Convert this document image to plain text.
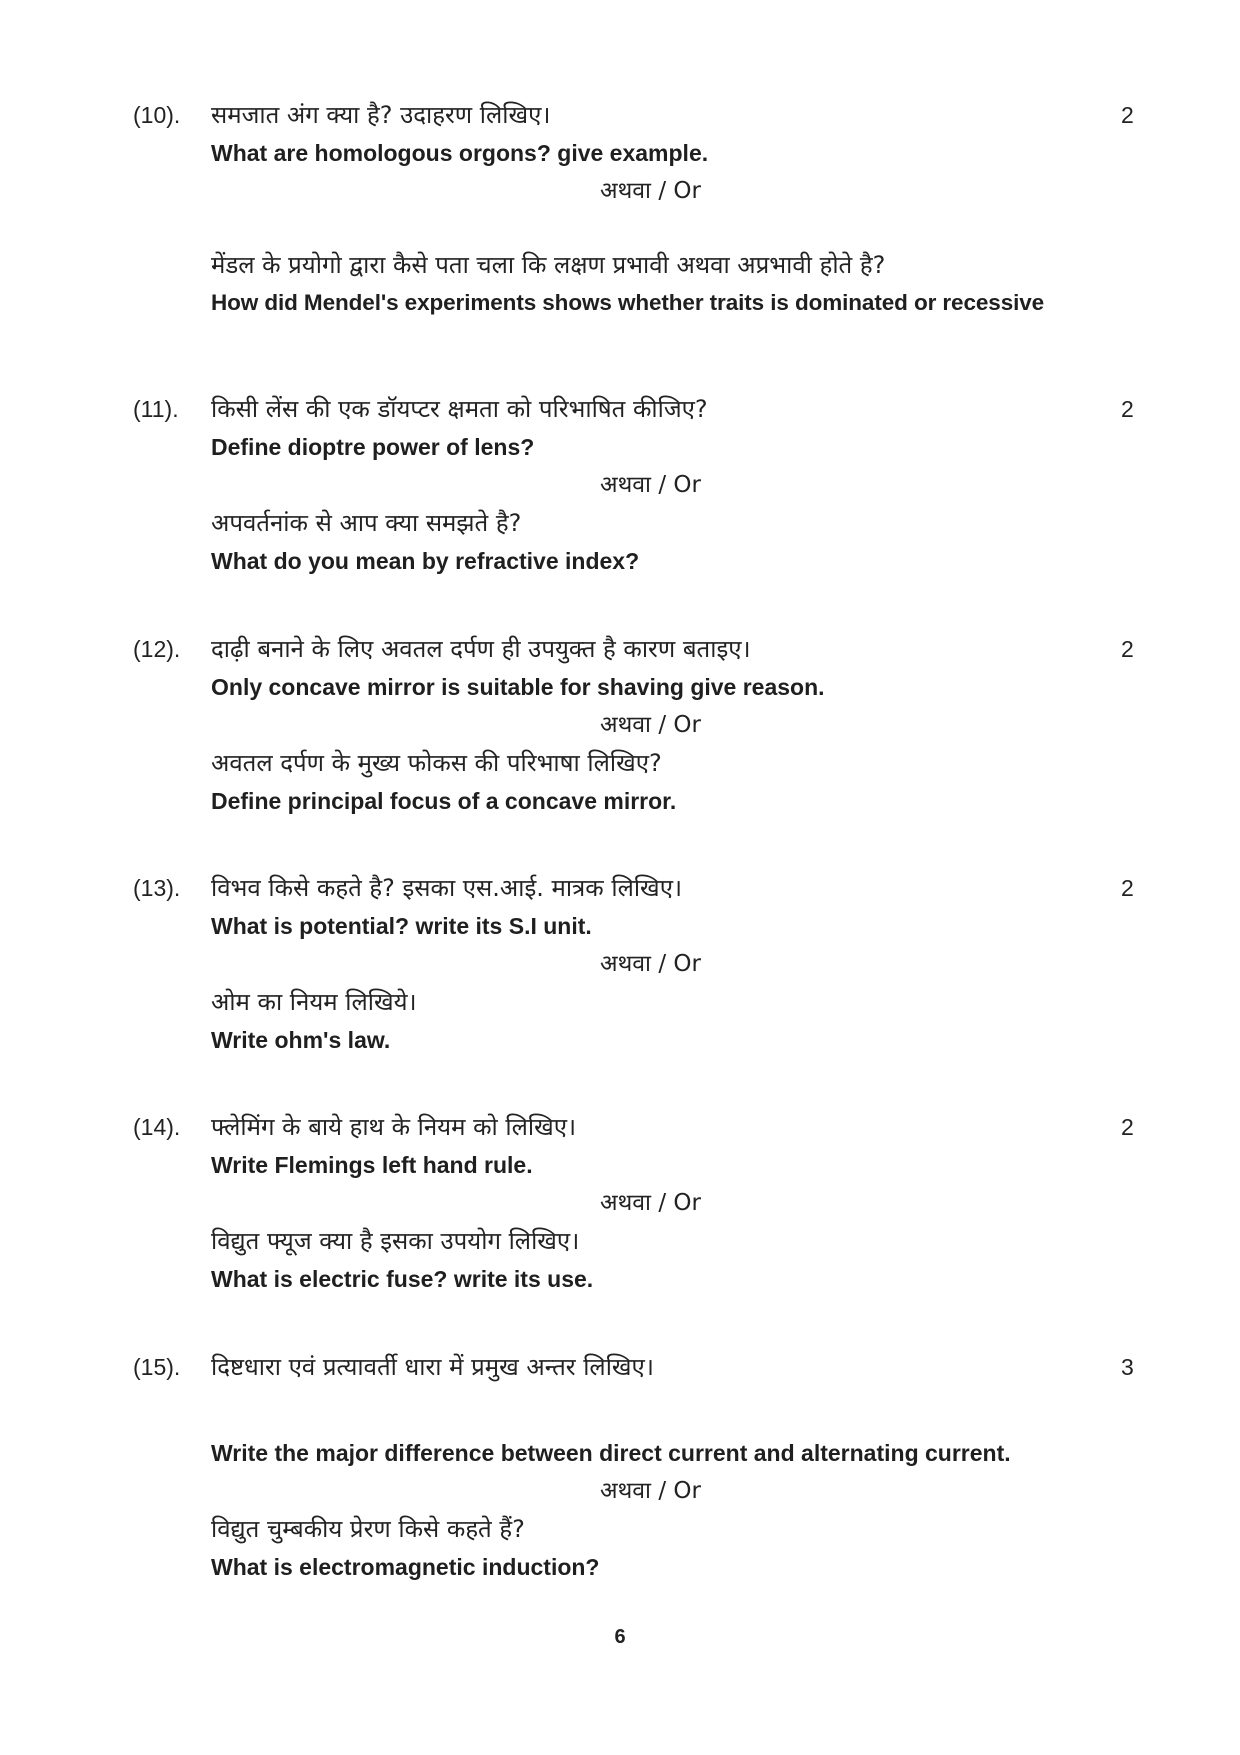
(10). समजात अंग क्या है? उदाहरण लिखिए।	2
What are homologous orgons? give example.
अथवा / Or
मेंडल के प्रयोगो द्वारा कैसे पता चला कि लक्षण प्रभावी अथवा अप्रभावी होते है?
How did Mendel's experiments shows whether traits is dominated or recessive
(11). किसी लेंस की एक डॉयप्टर क्षमता को परिभाषित कीजिए?	2
Define dioptre power of lens?
अथवा / Or
अपवर्तनांक से आप क्या समझते है?
What do you mean by refractive index?
(12). दाढ़ी बनाने के लिए अवतल दर्पण ही उपयुक्त है कारण बताइए।	2
Only concave mirror is suitable for shaving give reason.
अथवा / Or
अवतल दर्पण के मुख्य फोकस की परिभाषा लिखिए?
Define principal focus of a concave mirror.
(13). विभव किसे कहते है? इसका एस.आई. मात्रक लिखिए।	2
What is potential? write its S.I unit.
अथवा / Or
ओम का नियम लिखिये।
Write ohm's law.
(14). फ्लेमिंग के बाये हाथ के नियम को लिखिए।	2
Write Flemings left hand rule.
अथवा / Or
विद्युत फ्यूज क्या है इसका उपयोग लिखिए।
What is electric fuse? write its use.
(15). दिष्टधारा एवं प्रत्यावर्ती धारा में प्रमुख अन्तर लिखिए।	3
Write the major difference between direct current and alternating current.
अथवा / Or
विद्युत चुम्बकीय प्रेरण किसे कहते हैं?
What is electromagnetic induction?
6
